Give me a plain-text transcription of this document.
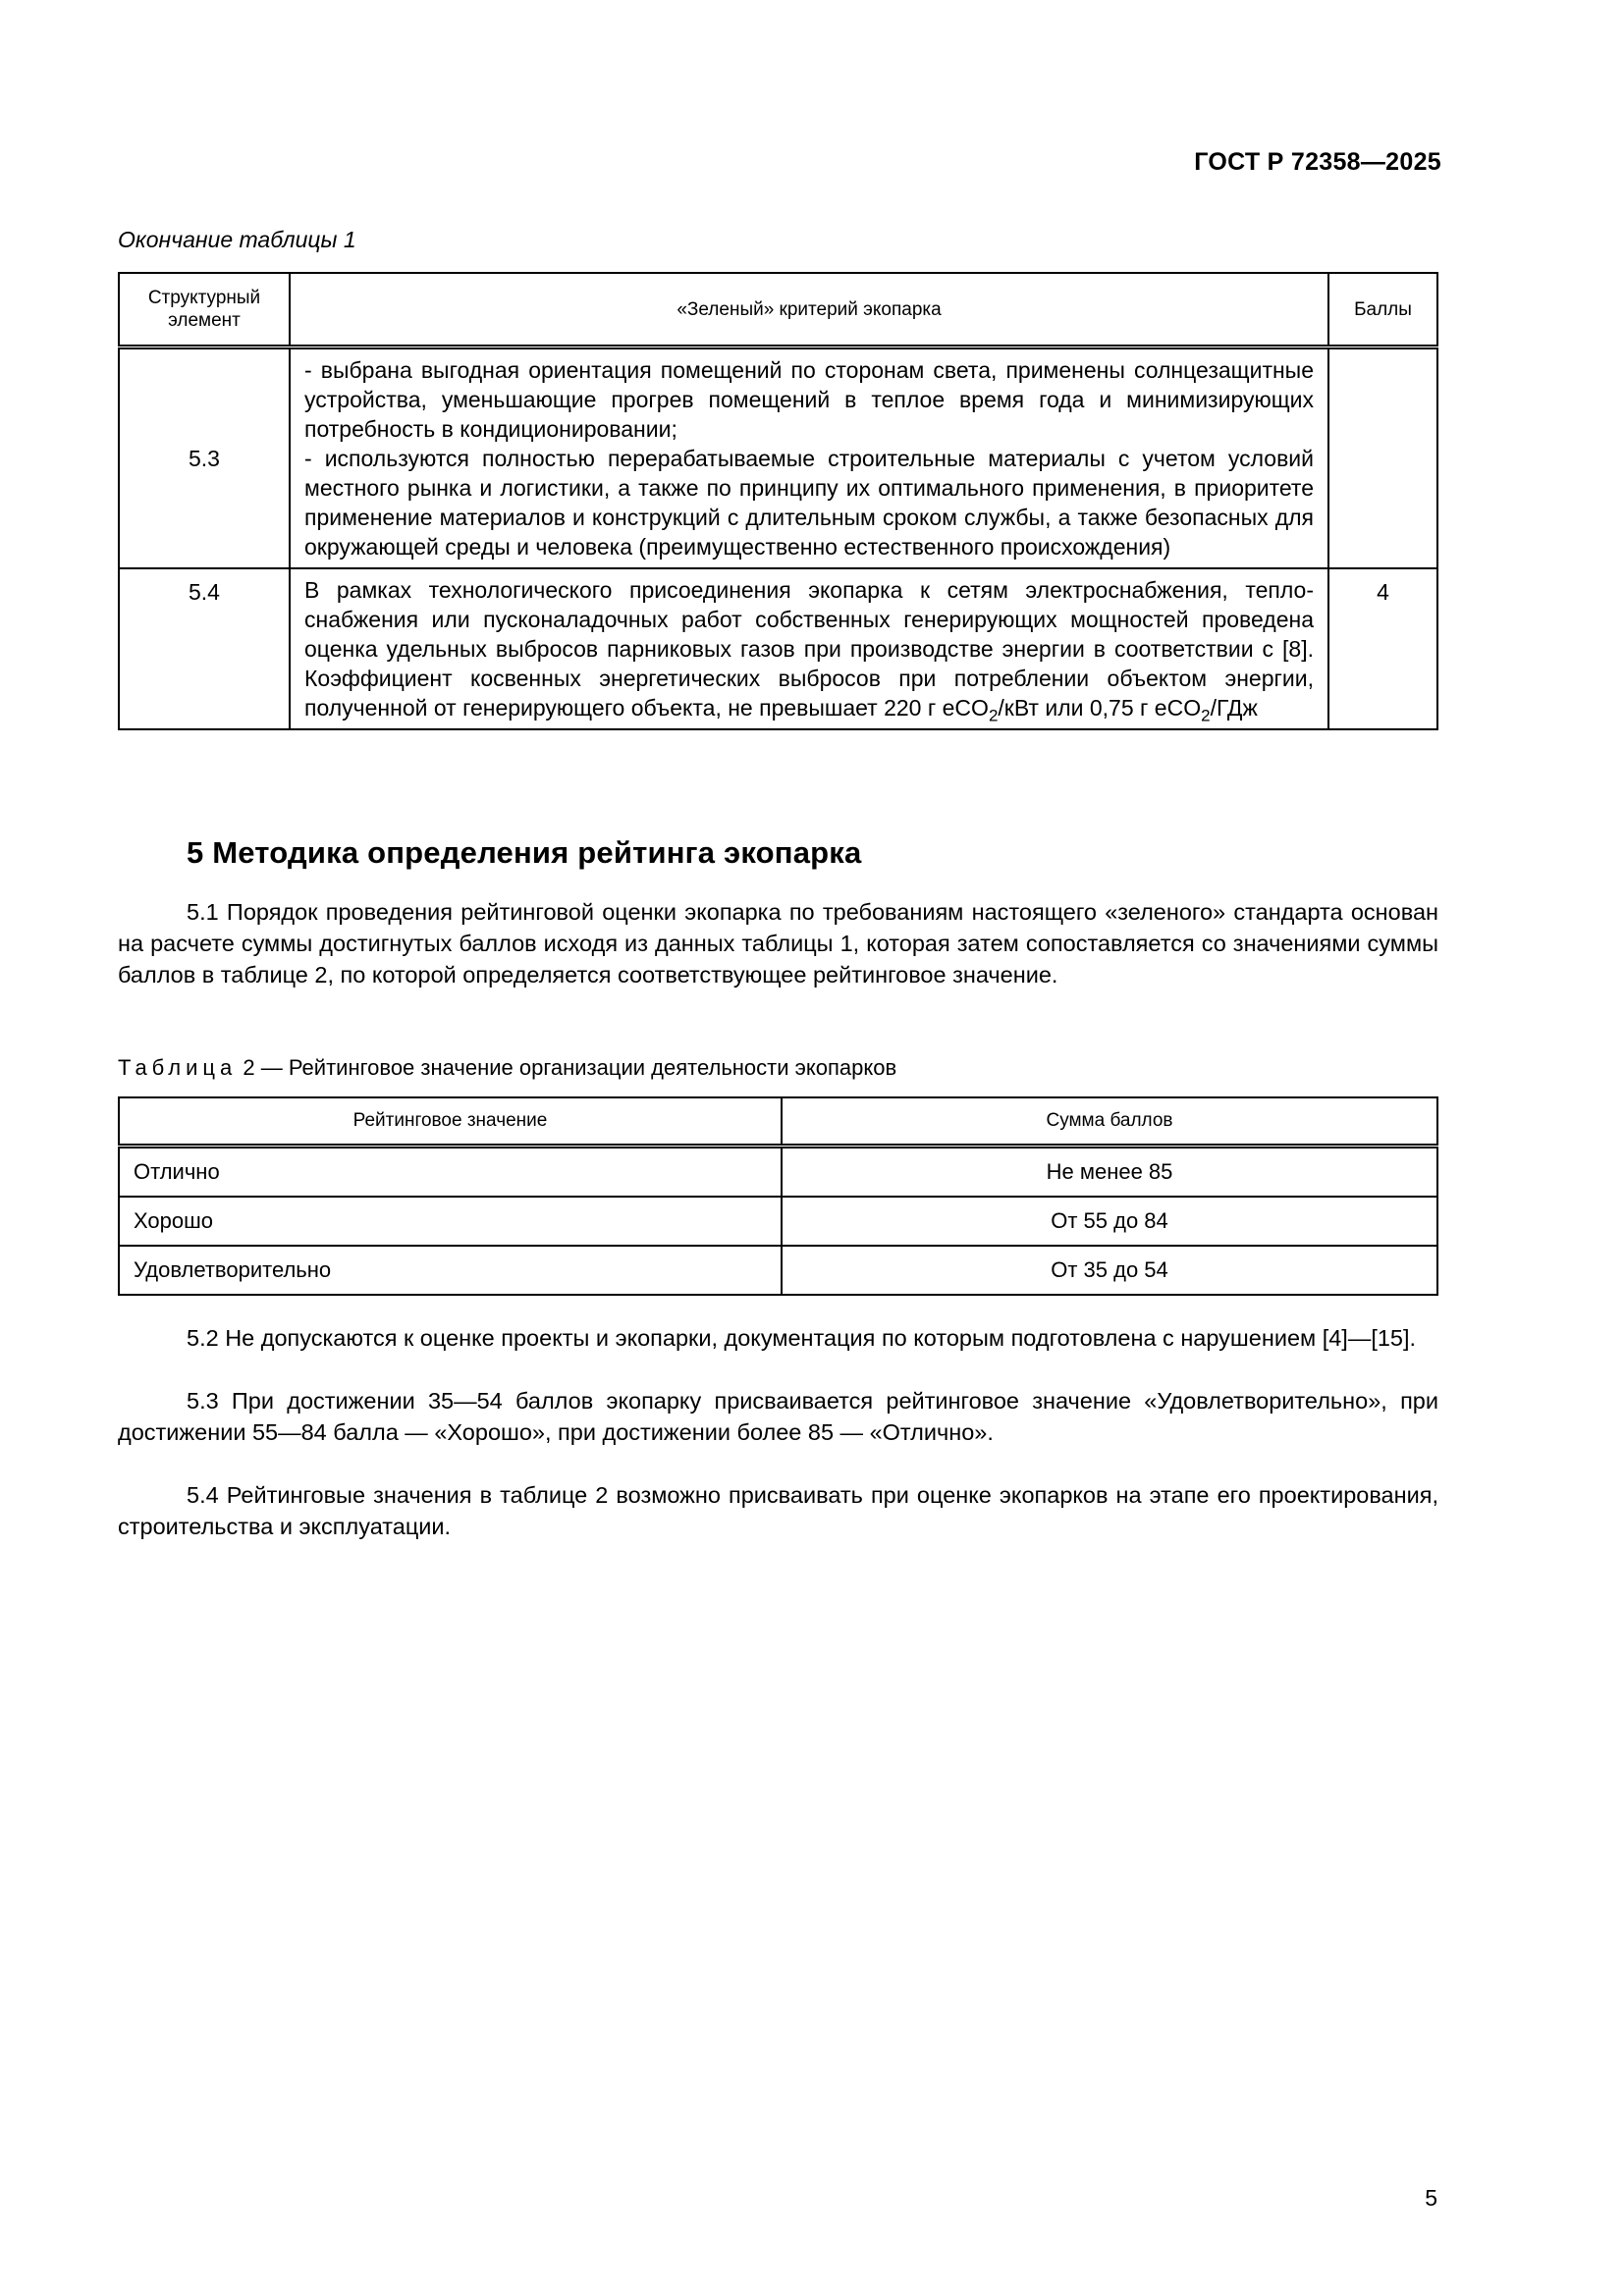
ГОСТ Р 72358—2025
Окончание таблицы 1
Структурный элемент	«Зеленый» критерий экопарка	Баллы
5.3	- выбрана выгодная ориентация помещений по сторонам света, применены солнцезащитные устройства, уменьшающие прогрев помещений в теплое время года и минимизирующих потребность в кондиционировании;
- используются полностью перерабатываемые строительные материалы с учетом условий местного рынка и логистики, а также по принципу их оптимального применения, в приоритете применение материалов и конструкций с длительным сроком службы, а также безопасных для окружающей среды и человека (преимущественно естественного происхождения)	

5.4	В рамках технологического присоединения экопарка к сетям электроснабжения, теплоснабжения или пусконаладочных работ собственных генерирующих мощностей проведена оценка удельных выбросов парниковых газов при производстве энергии в соответствии с [8]. Коэффициент косвенных энергетических выбросов при потреблении объектом энергии, полученной от генерирующего объекта, не превышает 220 г eCO$_2$/кВт или 0,75 г eCO$_2$/ГДж	4
5 Методика определения рейтинга экопарка
5.1 Порядок проведения рейтинговой оценки экопарка по требованиям настоящего «зеленого» стандарта основан на расчете суммы достигнутых баллов исходя из данных таблицы 1, которая затем сопоставляется со значениями суммы баллов в таблице 2, по которой определяется соответствующее рейтинговое значение.
Таблица 2 — Рейтинговое значение организации деятельности экопарков
Рейтинговое значение	Сумма баллов
Отлично	Не менее 85
Хорошо	От 55 до 84
Удовлетворительно	От 35 до 54
5.2 Не допускаются к оценке проекты и экопарки, документация по которым подготовлена с нарушением [4]—[15].
5.3 При достижении 35—54 баллов экопарку присваивается рейтинговое значение «Удовлетворительно», при достижении 55—84 балла — «Хорошо», при достижении более 85 — «Отлично».
5.4 Рейтинговые значения в таблице 2 возможно присваивать при оценке экопарков на этапе его проектирования, строительства и эксплуатации.
5
